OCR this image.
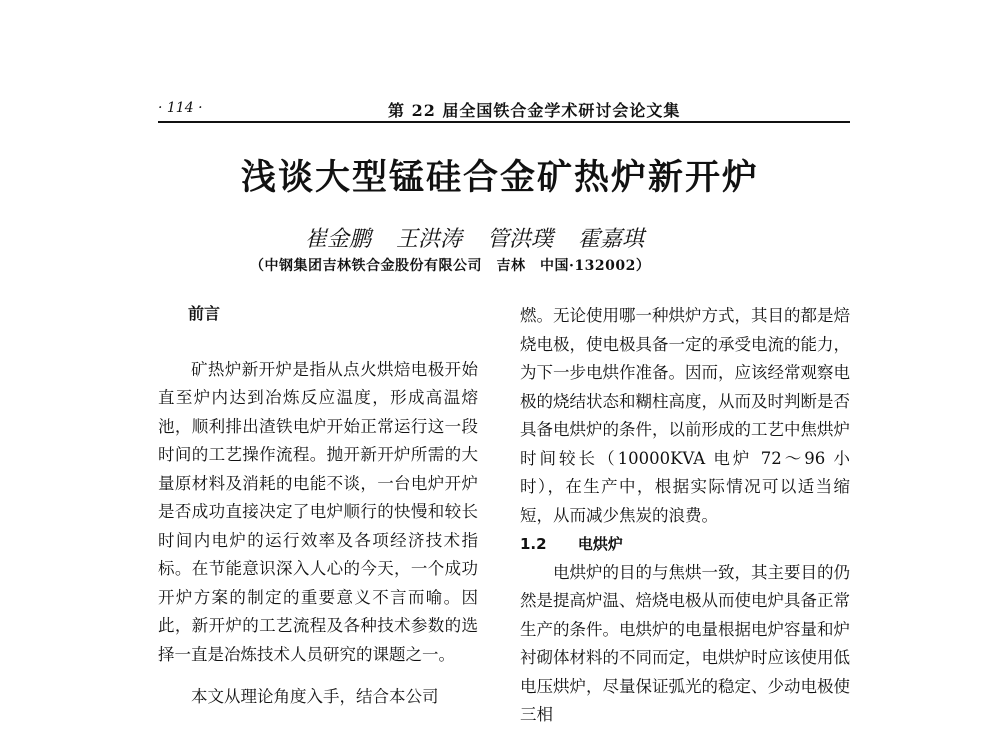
· 114 ·	第 22 届全国铁合金学术研讨会论文集
浅谈大型锰硅合金矿热炉新开炉
崔金鹏 王洪涛 管洪璞 霍嘉琪
（中钢集团吉林铁合金股份有限公司　吉林　中国·132002）
前言

矿热炉新开炉是指从点火烘焙电极开始直至炉内达到冶炼反应温度，形成高温熔池，顺利排出渣铁电炉开始正常运行这一段时间的工艺操作流程。抛开新开炉所需的大量原材料及消耗的电能不谈，一台电炉开炉是否成功直接决定了电炉顺行的快慢和较长时间内电炉的运行效率及各项经济技术指标。在节能意识深入人心的今天，一个成功开炉方案的制定的重要意义不言而喻。因此，新开炉的工艺流程及各种技术参数的选择一直是冶炼技术人员研究的课题之一。

本文从理论角度入手，结合本公司

燃。无论使用哪一种烘炉方式，其目的都是焙烧电极，使电极具备一定的承受电流的能力，为下一步电烘作准备。因而，应该经常观察电极的烧结状态和糊柱高度，从而及时判断是否具备电烘炉的条件，以前形成的工艺中焦烘炉时间较长（10000KVA 电炉 72～96 小时），在生产中，根据实际情况可以适当缩短，从而减少焦炭的浪费。

1.2 电烘炉

电烘炉的目的与焦烘一致，其主要目的仍然是提高炉温、焙烧电极从而使电炉具备正常生产的条件。电烘炉的电量根据电炉容量和炉衬砌体材料的不同而定，电烘炉时应该使用低电压烘炉，尽量保证弧光的稳定、少动电极使三相
